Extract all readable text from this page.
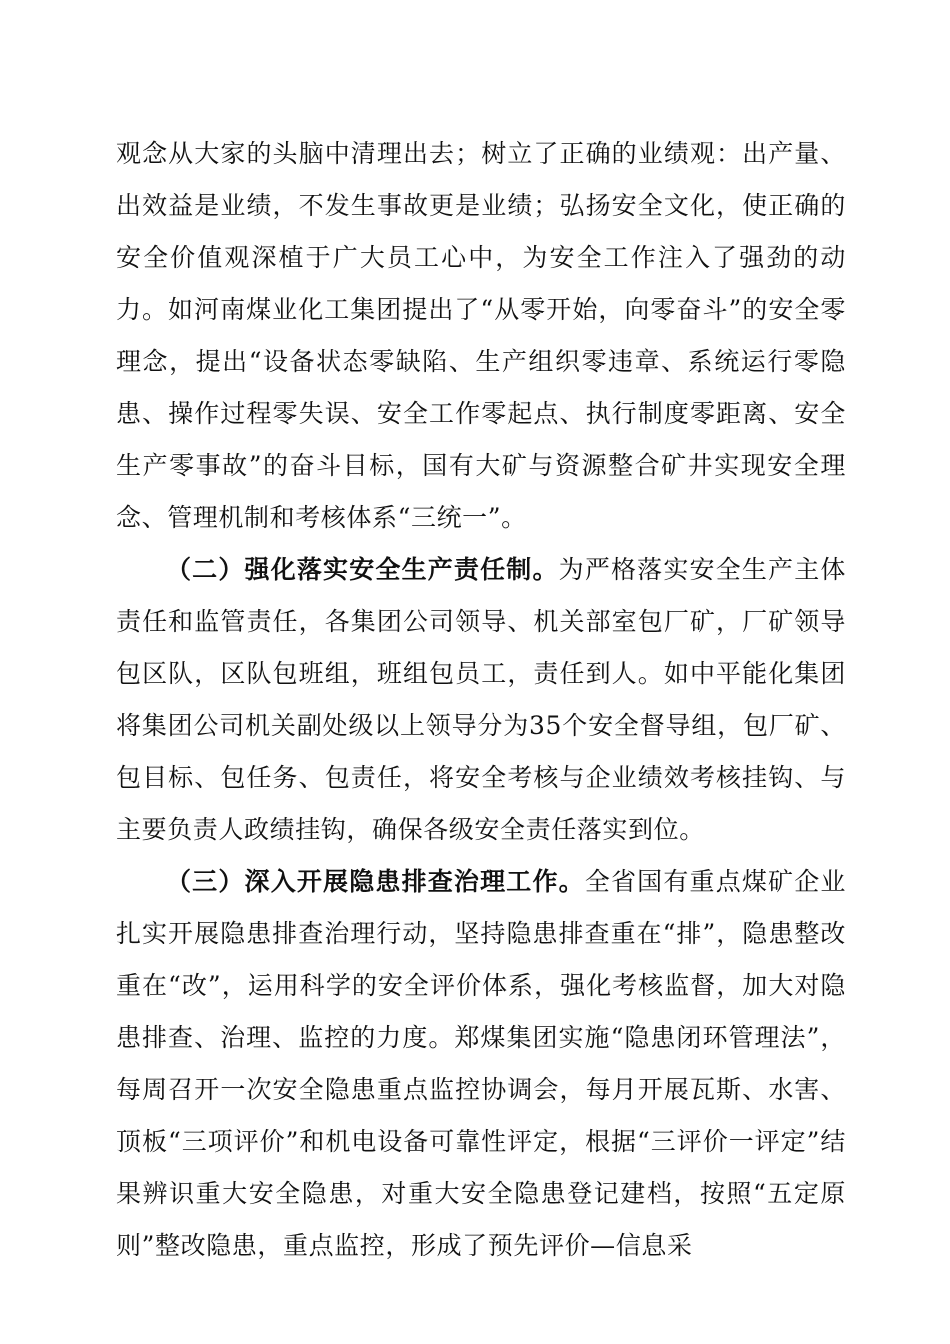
观念从大家的头脑中清理出去；树立了正确的业绩观：出产量、出效益是业绩，不发生事故更是业绩；弘扬安全文化，使正确的安全价值观深植于广大员工心中，为安全工作注入了强劲的动力。如河南煤业化工集团提出了“从零开始，向零奋斗”的安全零理念，提出“设备状态零缺陷、生产组织零违章、系统运行零隐患、操作过程零失误、安全工作零起点、执行制度零距离、安全生产零事故”的奋斗目标，国有大矿与资源整合矿井实现安全理念、管理机制和考核体系“三统一”。

（二）强化落实安全生产责任制。为严格落实安全生产主体责任和监管责任，各集团公司领导、机关部室包厂矿，厂矿领导包区队，区队包班组，班组包员工，责任到人。如中平能化集团将集团公司机关副处级以上领导分为35个安全督导组，包厂矿、包目标、包任务、包责任，将安全考核与企业绩效考核挂钩、与主要负责人政绩挂钩，确保各级安全责任落实到位。

（三）深入开展隐患排查治理工作。全省国有重点煤矿企业扎实开展隐患排查治理行动，坚持隐患排查重在“排”，隐患整改重在“改”，运用科学的安全评价体系，强化考核监督，加大对隐患排查、治理、监控的力度。郑煤集团实施“隐患闭环管理法”，每周召开一次安全隐患重点监控协调会，每月开展瓦斯、水害、顶板“三项评价”和机电设备可靠性评定，根据“三评价一评定”结果辨识重大安全隐患，对重大安全隐患登记建档，按照“五定原则”整改隐患，重点监控，形成了预先评价—信息采
